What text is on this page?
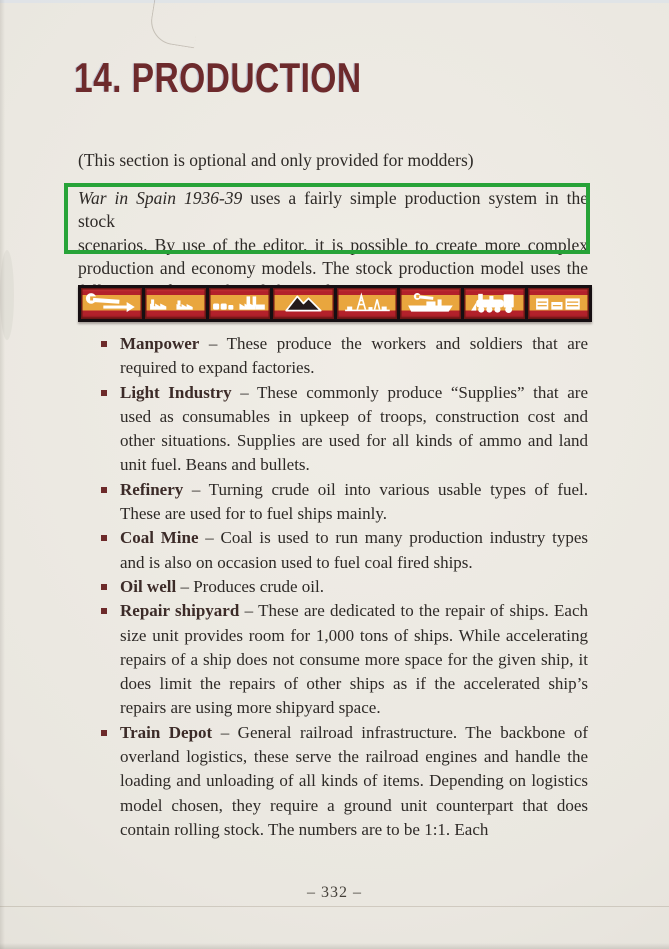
14. PRODUCTION
(This section is optional and only provided for modders)
War in Spain 1936-39 uses a fairly simple production system in the stock
scenarios. By use of the editor, it is possible to create more complex
production and economy models. The stock production model uses the
Manpower – These produce the workers and soldiers that are required to expand factories.
Light Industry – These commonly produce “Supplies” that are used as consumables in upkeep of troops, construction cost and other situations. Supplies are used for all kinds of ammo and land unit fuel. Beans and bullets.
Refinery – Turning crude oil into various usable types of fuel. These are used for to fuel ships mainly.
Coal Mine – Coal is used to run many production industry types and is also on occasion used to fuel coal fired ships.
Oil well – Produces crude oil.
Repair shipyard – These are dedicated to the repair of ships. Each size unit provides room for 1,000 tons of ships. While accelerating repairs of a ship does not consume more space for the given ship, it does limit the repairs of other ships as if the accelerated ship’s repairs are using more shipyard space.
Train Depot – General railroad infrastructure. The backbone of overland logistics, these serve the railroad engines and handle the loading and unloading of all kinds of items. Depending on logistics model chosen, they require a ground unit counterpart that does contain rolling stock. The numbers are to be 1:1. Each
– 332 –
